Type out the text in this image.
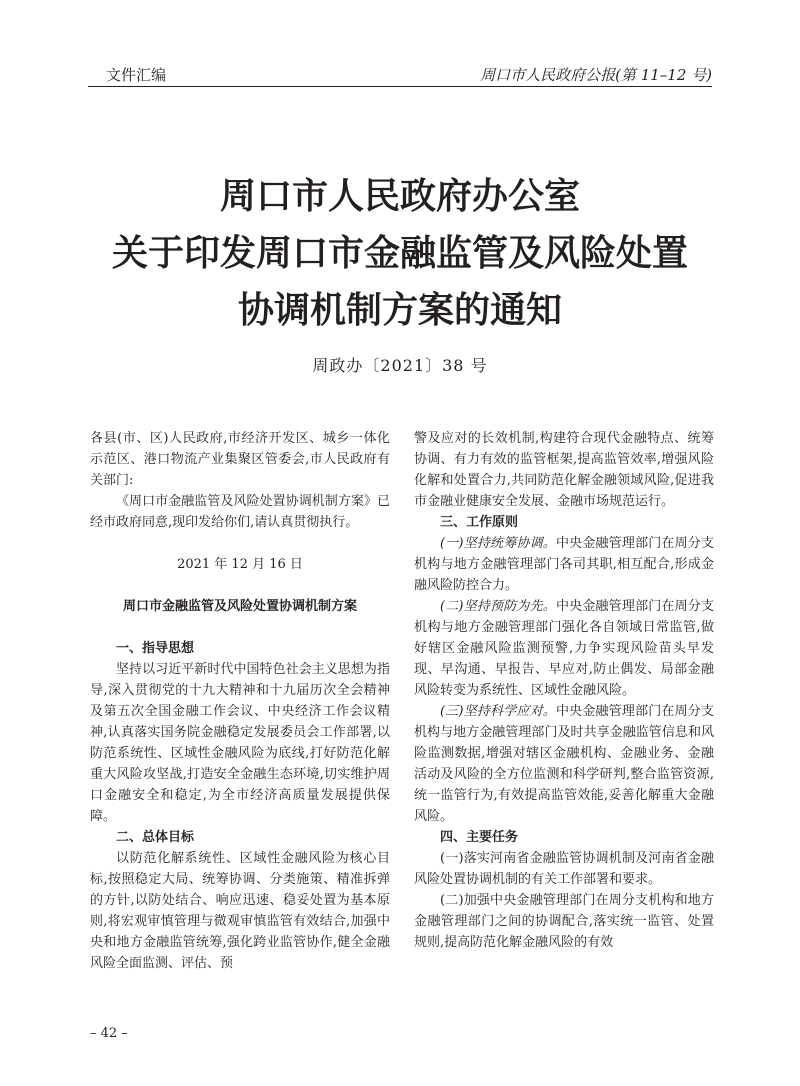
文件汇编	周口市人民政府公报(第 11–12 号)
周口市人民政府办公室
关于印发周口市金融监管及风险处置
协调机制方案的通知
周政办〔2021〕38 号

各县(市、区)人民政府,市经济开发区、城乡一体化示范区、港口物流产业集聚区管委会,市人民政府有关部门:

《周口市金融监管及风险处置协调机制方案》已经市政府同意,现印发给你们,请认真贯彻执行。

2021 年 12 月 16 日

周口市金融监管及风险处置协调机制方案

一、指导思想

坚持以习近平新时代中国特色社会主义思想为指导,深入贯彻党的十九大精神和十九届历次全会精神及第五次全国金融工作会议、中央经济工作会议精神,认真落实国务院金融稳定发展委员会工作部署,以防范系统性、区域性金融风险为底线,打好防范化解重大风险攻坚战,打造安全金融生态环境,切实维护周口金融安全和稳定,为全市经济高质量发展提供保障。

二、总体目标

以防范化解系统性、区域性金融风险为核心目标,按照稳定大局、统筹协调、分类施策、精准拆弹的方针,以防处结合、响应迅速、稳妥处置为基本原则,将宏观审慎管理与微观审慎监管有效结合,加强中央和地方金融监管统筹,强化跨业监管协作,健全金融风险全面监测、评估、预

警及应对的长效机制,构建符合现代金融特点、统筹协调、有力有效的监管框架,提高监管效率,增强风险化解和处置合力,共同防范化解金融领域风险,促进我市金融业健康安全发展、金融市场规范运行。

三、工作原则

(一)坚持统筹协调。中央金融管理部门在周分支机构与地方金融管理部门各司其职,相互配合,形成金融风险防控合力。

(二)坚持预防为先。中央金融管理部门在周分支机构与地方金融管理部门强化各自领域日常监管,做好辖区金融风险监测预警,力争实现风险苗头早发现、早沟通、早报告、早应对,防止偶发、局部金融风险转变为系统性、区域性金融风险。

(三)坚持科学应对。中央金融管理部门在周分支机构与地方金融管理部门及时共享金融监管信息和风险监测数据,增强对辖区金融机构、金融业务、金融活动及风险的全方位监测和科学研判,整合监管资源,统一监管行为,有效提高监管效能,妥善化解重大金融风险。

四、主要任务

(一)落实河南省金融监管协调机制及河南省金融风险处置协调机制的有关工作部署和要求。

(二)加强中央金融管理部门在周分支机构和地方金融管理部门之间的协调配合,落实统一监管、处置规则,提高防范化解金融风险的有效

– 42 –
